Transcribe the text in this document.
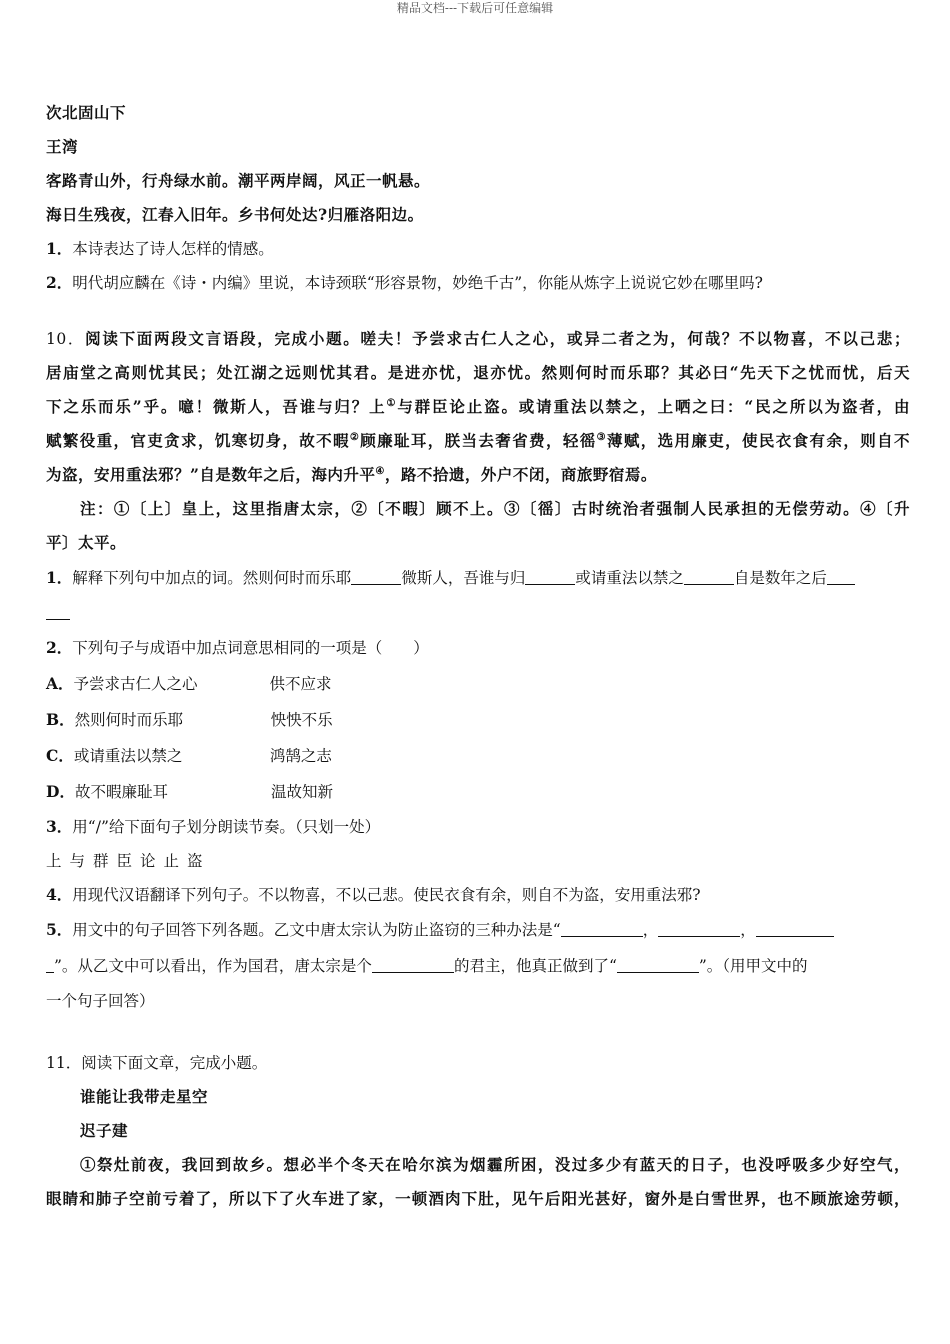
精品文档---下载后可任意编辑
次北固山下
王湾
客路青山外，行舟绿水前。潮平两岸阔，风正一帆悬。
海日生残夜，江春入旧年。乡书何处达?归雁洛阳边。
1．本诗表达了诗人怎样的情感。
2．明代胡应麟在《诗・内编》里说，本诗颈联“形容景物，妙绝千古”，你能从炼字上说说它妙在哪里吗?
10．阅读下面两段文言语段，完成小题。嗟夫！予尝求古仁人之心，或异二者之为，何哉？不以物喜，不以己悲；
居庙堂之高则忧其民；处江湖之远则忧其君。是进亦忧，退亦忧。然则何时而乐耶？其必曰“先天下之忧而忧，后天
下之乐而乐”乎。噫！微斯人，吾谁与归？上①与群臣论止盗。或请重法以禁之，上哂之曰：“民之所以为盗者，由
赋繁役重，官吏贪求，饥寒切身，故不暇②顾廉耻耳，朕当去奢省费，轻徭③薄赋，选用廉吏，使民衣食有余，则自不
为盗，安用重法邪？”自是数年之后，海内升平④，路不拾遗，外户不闭，商旅野宿焉。
注：①〔上〕皇上，这里指唐太宗，②〔不暇〕顾不上。③〔徭〕古时统治者强制人民承担的无偿劳动。④〔升
平〕太平。
1．解释下列句中加点的词。然则何时而乐耶	微斯人，吾谁与归	或请重法以禁之	自是数年之后
2．下列句子与成语中加点词意思相同的一项是（　　）
A．予尝求古仁人之心	供不应求
B．然则何时而乐耶	怏怏不乐
C．或请重法以禁之	鸿鹄之志
D．故不暇廉耻耳	温故知新
3．用“/”给下面句子划分朗读节奏。（只划一处）
上与群臣论止盗
4．用现代汉语翻译下列句子。不以物喜，不以己悲。使民衣食有余，则自不为盗，安用重法邪?
5．用文中的句子回答下列各题。乙文中唐太宗认为防止盗窃的三种办法是“	，	，
”。从乙文中可以看出，作为国君，唐太宗是个	的君主，他真正做到了“	”。（用甲文中的
一个句子回答）
11．阅读下面文章，完成小题。
谁能让我带走星空
迟子建
①祭灶前夜，我回到故乡。想必半个冬天在哈尔滨为烟霾所困，没过多少有蓝天的日子，也没呼吸多少好空气，
眼睛和肺子空前亏着了，所以下了火车进了家，一顿酒肉下肚，见午后阳光甚好，窗外是白雪世界，也不顾旅途劳顿，
